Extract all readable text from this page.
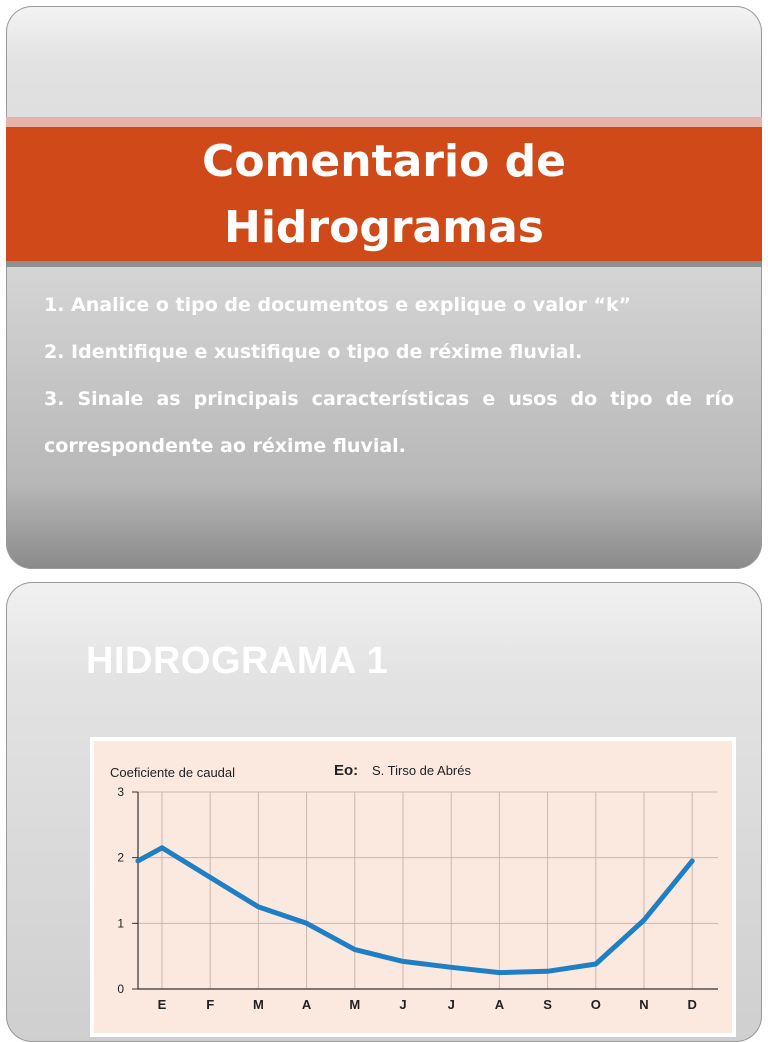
Comentario de
Hidrogramas

1. Analice o tipo de documentos e explique o valor “k”

2. Identifique e xustifique o tipo de réxime fluvial.

3. Sinale as principais características e usos do tipo de río correspondente ao réxime fluvial.

HIDROGRAMA 1
Coeficiente de caudal	Eo: S. Tirso de Abrés
0
1
2
3
E	F	M	A	M	J	J	A	S	O	N	D
